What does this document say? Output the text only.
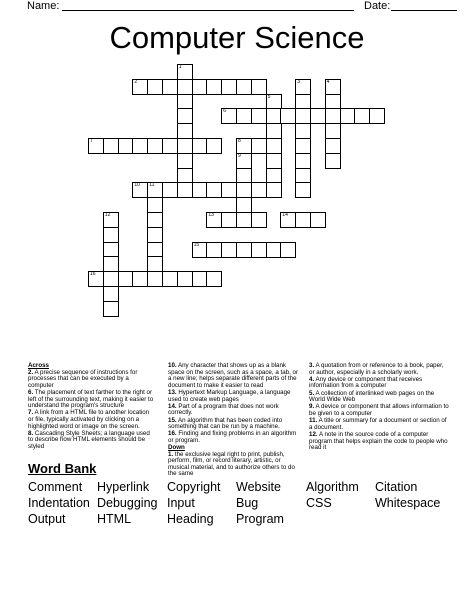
Name:	Date:
Computer Science
2
1
3	4
5
6
7	8
9
10 11
12	13	14
15
16
Across
2. A precise sequence of instructions for processes that can be executed by a computer
6. The placement of text farther to the right or left of the surrounding text, making it easier to understand the program's structure
7. A link from a HTML file to another location or file, typically activated by clicking on a highlighted word or image on the screen.
8. Cascading Style Sheets; a language used to describe how HTML elements should be styled
10. Any character that shows up as a blank space on the screen, such as a space, a tab, or a new line; helps separate different parts of the document to make it easier to read
13. Hypertext Markup Language, a language used to create web pages
14. Part of a program that does not work correctly.
15. An algorithm that has been coded into something that can be run by a machine.
16. Finding and fixing problems in an algorithm or program.
Down
1. the exclusive legal right to print, publish, perform, film, or record literary, artistic, or musical material, and to authorize others to do the same
3. A quotation from or reference to a book, paper, or author, especially in a scholarly work.
4. Any device or component that receives information from a computer
5. A collection of interlinked web pages on the World Wide Web
9. A device or component that allows information to be given to a computer
11. A title or summary for a document or section of a document.
12. A note in the source code of a computer program that helps explain the code to people who read it
Word Bank
Comment Hyperlink Copyright Website Algorithm Citation
Indentation Debugging Input	Bug	CSS	Whitespace
Output	HTML	Heading Program
